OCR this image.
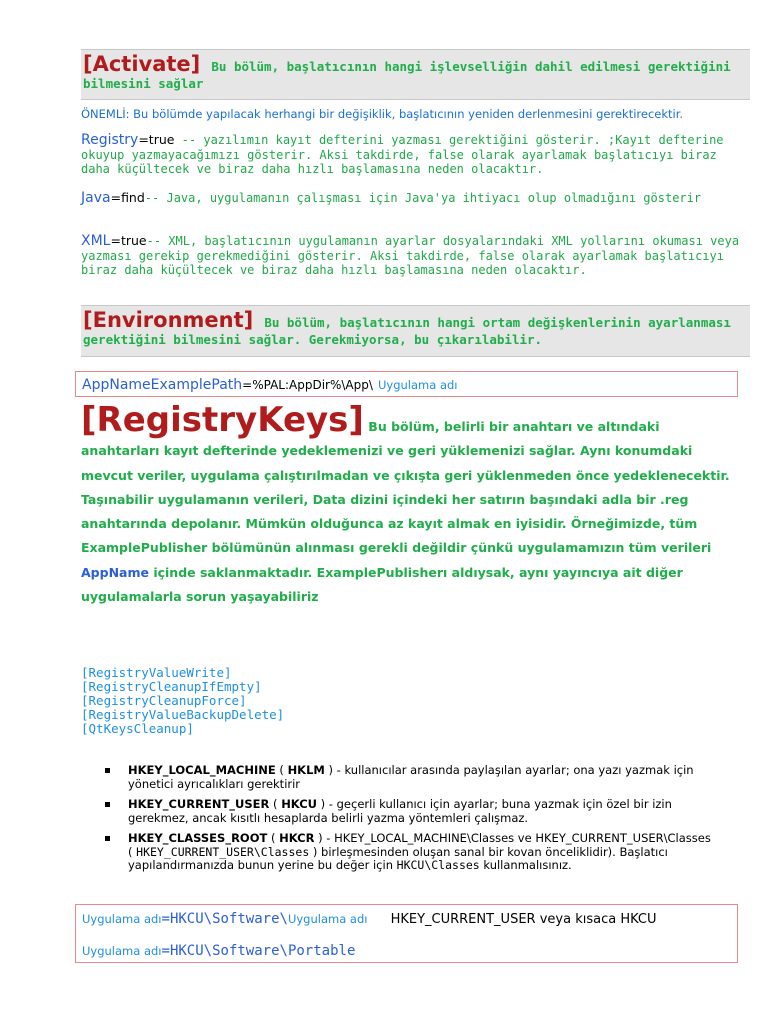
[Activate] Bu bölüm, başlatıcının hangi işlevselliğin dahil edilmesi gerektiğini
bilmesini sağlar
ÖNEMLİ: Bu bölümde yapılacak herhangi bir değişiklik, başlatıcının yeniden derlenmesini gerektirecektir.
Registry=true -- yazılımın kayıt defterini yazması gerektiğini gösterir. ;Kayıt defterine okuyup yazmayacağımızı gösterir. Aksi takdirde, false olarak ayarlamak başlatıcıyı biraz daha küçültecek ve biraz daha hızlı başlamasına neden olacaktır.
Java=find-- Java, uygulamanın çalışması için Java'ya ihtiyacı olup olmadığını gösterir
XML=true-- XML, başlatıcının uygulamanın ayarlar dosyalarındaki XML yollarını okuması veya yazması gerekip gerekmediğini gösterir. Aksi takdirde, false olarak ayarlamak başlatıcıyı biraz daha küçültecek ve biraz daha hızlı başlamasına neden olacaktır.
[Environment] Bu bölüm, başlatıcının hangi ortam değişkenlerinin ayarlanması
gerektiğini bilmesini sağlar. Gerekmiyorsa, bu çıkarılabilir.
AppNameExamplePath=%PAL:AppDir%\App\ Uygulama adı
[RegistryKeys] Bu bölüm, belirli bir anahtarı ve altındaki anahtarları kayıt defterinde yedeklemenizi ve geri yüklemenizi sağlar. Aynı konumdaki mevcut veriler, uygulama çalıştırılmadan ve çıkışta geri yüklenmeden önce yedeklenecektir. Taşınabilir uygulamanın verileri, Data dizini içindeki her satırın başındaki adla bir .reg anahtarında depolanır. Mümkün olduğunca az kayıt almak en iyisidir. Örneğimizde, tüm ExamplePublisher bölümünün alınması gerekli değildir çünkü uygulamamızın tüm verileri AppName içinde saklanmaktadır. ExamplePublisherı aldıysak, aynı yayıncıya ait diğer uygulamalarla sorun yaşayabiliriz
[RegistryValueWrite]
[RegistryCleanupIfEmpty]
[RegistryCleanupForce]
[RegistryValueBackupDelete]
[QtKeysCleanup]
HKEY_LOCAL_MACHINE ( HKLM ) - kullanıcılar arasında paylaşılan ayarlar; ona yazı yazmak için yönetici ayrıcalıkları gerektirir
HKEY_CURRENT_USER ( HKCU ) - geçerli kullanıcı için ayarlar; buna yazmak için özel bir izin gerekmez, ancak kısıtlı hesaplarda belirli yazma yöntemleri çalışmaz.
HKEY_CLASSES_ROOT ( HKCR ) - HKEY_LOCAL_MACHINE\Classes ve HKEY_CURRENT_USER\Classes ( HKEY_CURRENT_USER\Classes ) birleşmesinden oluşan sanal bir kovan önceliklidir). Başlatıcı yapılandırmanızda bunun yerine bu değer için HKCU\Classes kullanmalısınız.
Uygulama adı=HKCU\Software\Uygulama adı HKEY_CURRENT_USER veya kısaca HKCU
Uygulama adı=HKCU\Software\Portable
